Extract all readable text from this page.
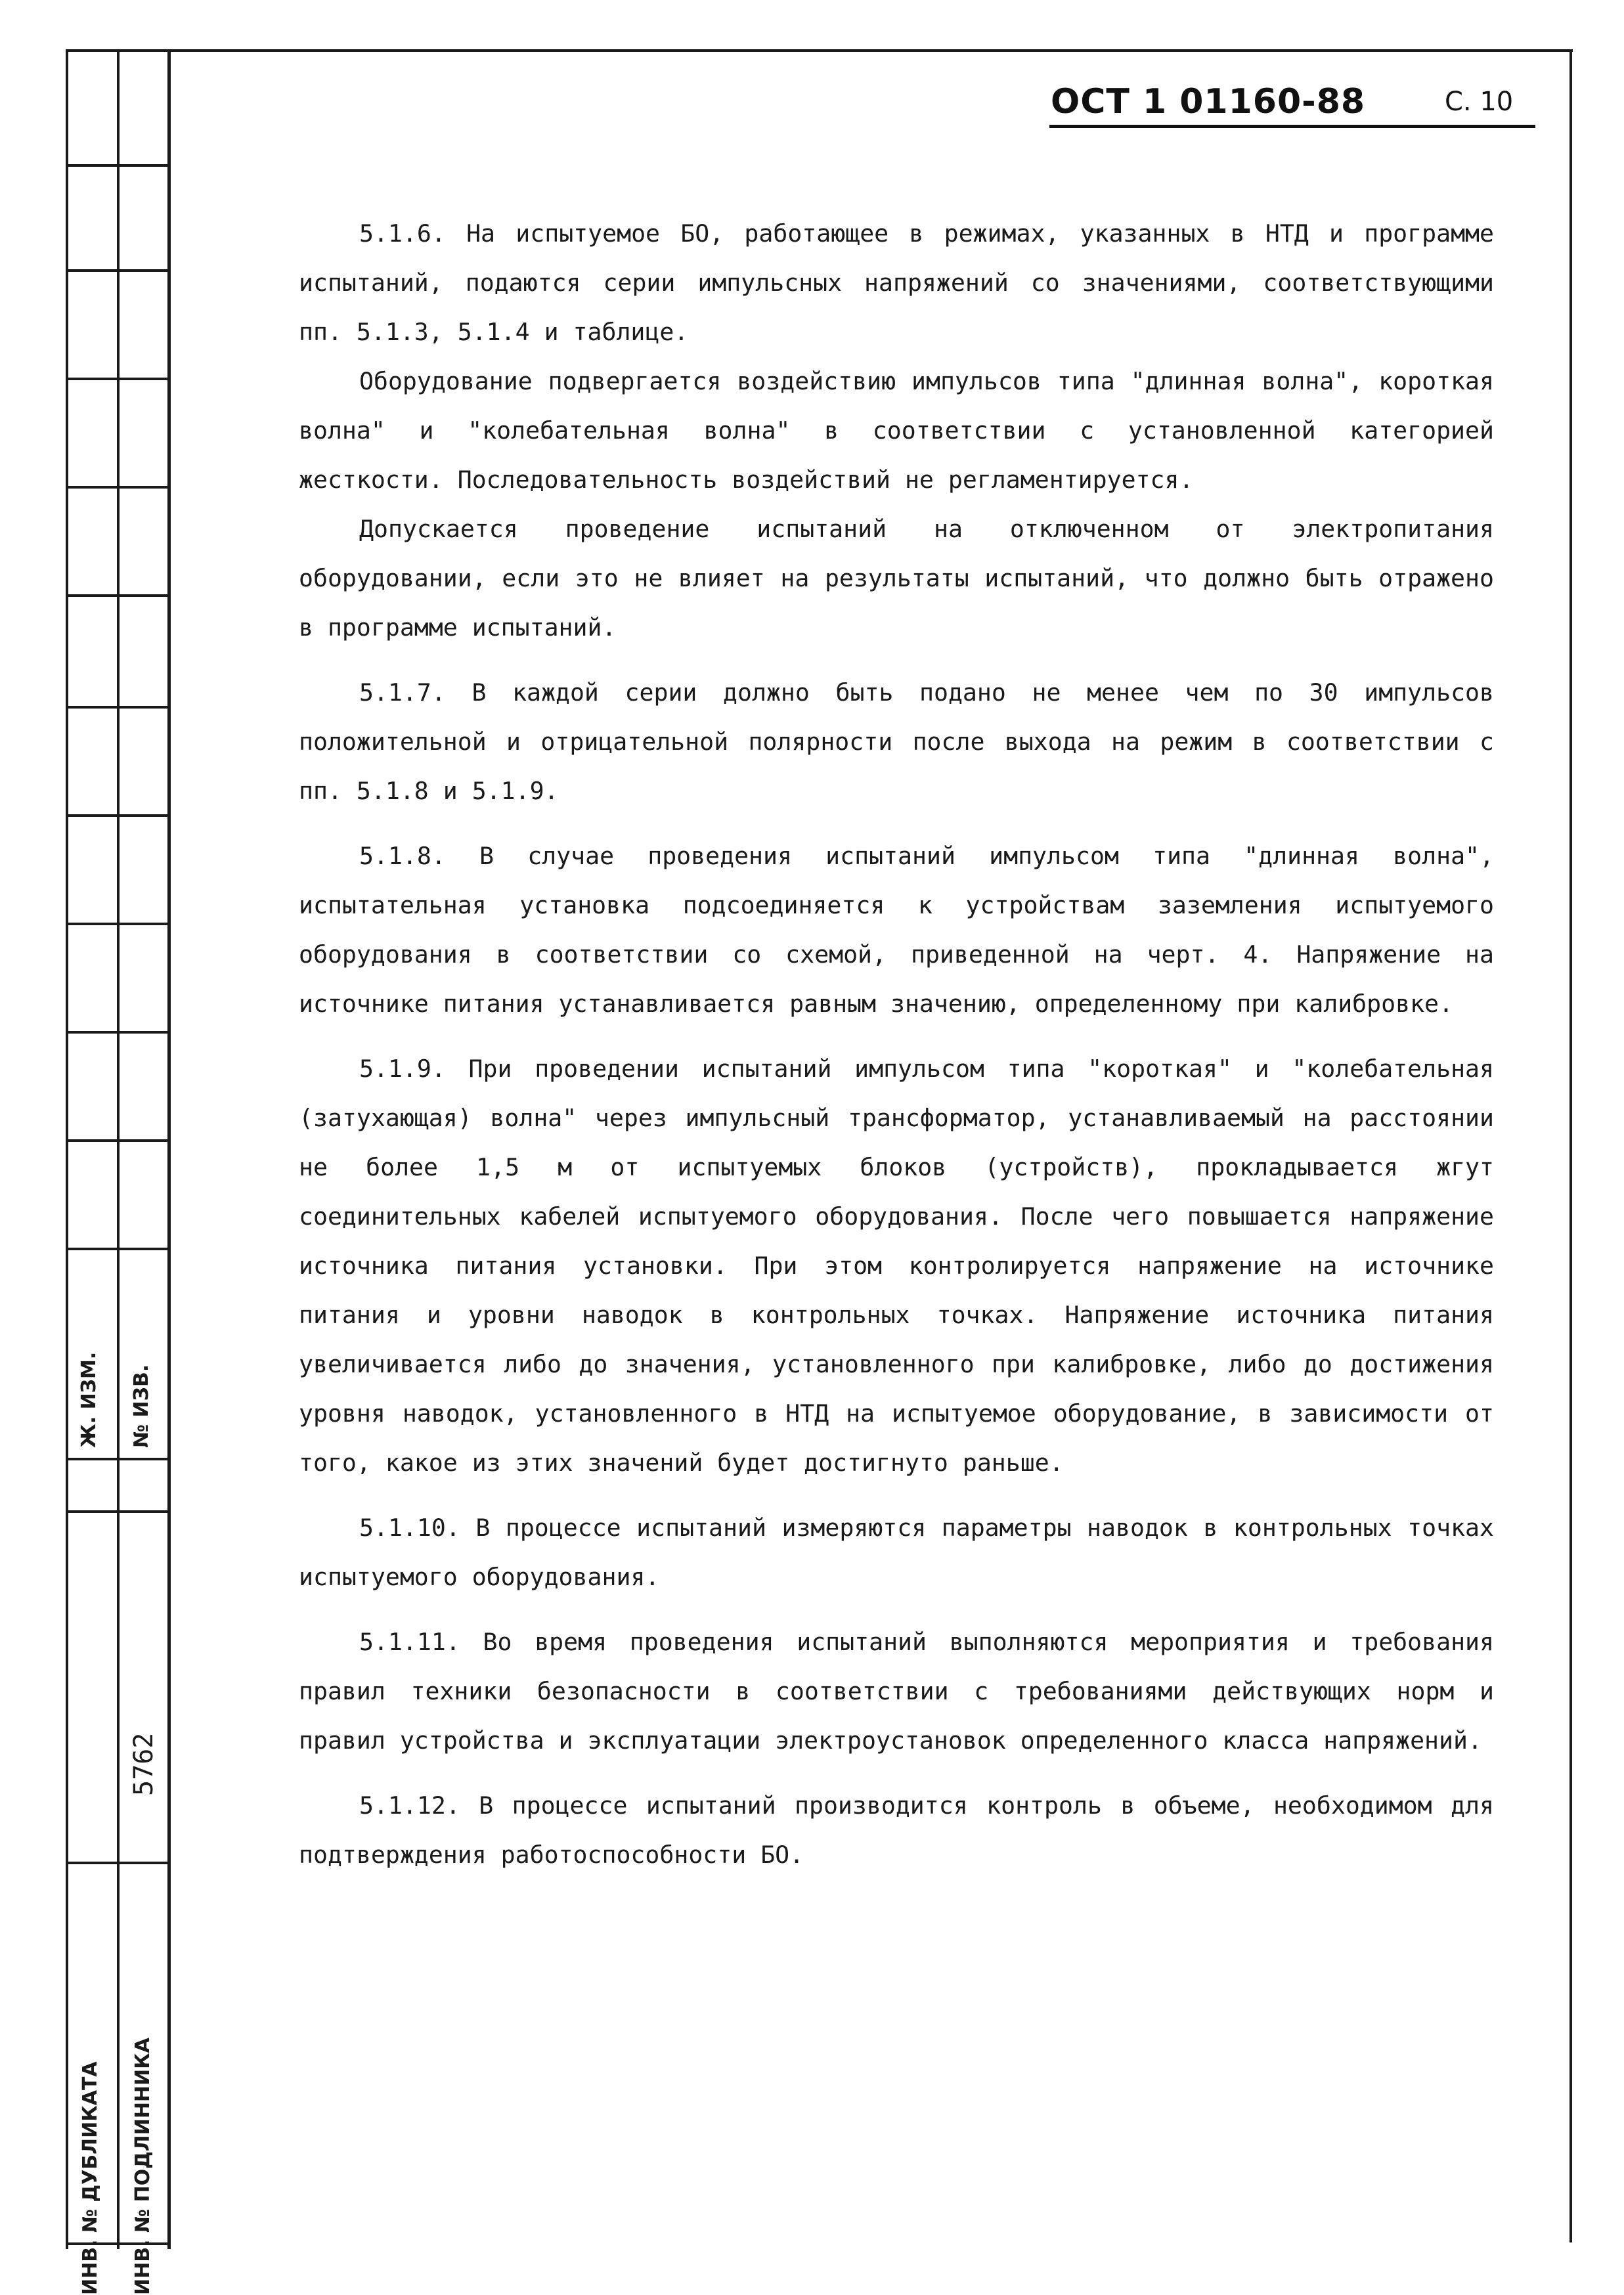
Ж. ИЗМ. № ИЗВ.
5762
ИНВ. № ДУБЛИКАТА ИНВ. № ПОДЛИННИКА
ОСТ 1 01160-88	С. 10

5.1.6. На испытуемое БО, работающее в режимах, указанных в НТД и программе испытаний, подаются серии импульсных напряжений со значениями, соответствующими пп. 5.1.3, 5.1.4 и таблице.

Оборудование подвергается воздействию импульсов типа "длинная волна", короткая волна" и "колебательная волна" в соответствии с установленной категорией жесткости. Последовательность воздействий не регламентируется.

Допускается проведение испытаний на отключенном от электропитания оборудовании, если это не влияет на результаты испытаний, что должно быть отражено в программе испытаний.

5.1.7. В каждой серии должно быть подано не менее чем по 30 импульсов положительной и отрицательной полярности после выхода на режим в соответствии с пп. 5.1.8 и 5.1.9.

5.1.8. В случае проведения испытаний импульсом типа "длинная волна", испытательная установка подсоединяется к устройствам заземления испытуемого оборудования в соответствии со схемой, приведенной на черт. 4. Напряжение на источнике питания устанавливается равным значению, определенному при калибровке.

5.1.9. При проведении испытаний импульсом типа "короткая" и "колебательная (затухающая) волна" через импульсный трансформатор, устанавливаемый на расстоянии не более 1,5 м от испытуемых блоков (устройств), прокладывается жгут соединительных кабелей испытуемого оборудования. После чего повышается напряжение источника питания установки. При этом контролируется напряжение на источнике питания и уровни наводок в контрольных точках. Напряжение источника питания увеличивается либо до значения, установленного при калибровке, либо до достижения уровня наводок, установленного в НТД на испытуемое оборудование, в зависимости от того, какое из этих значений будет достигнуто раньше.

5.1.10. В процессе испытаний измеряются параметры наводок в контрольных точках испытуемого оборудования.

5.1.11. Во время проведения испытаний выполняются мероприятия и требования правил техники безопасности в соответствии с требованиями действующих норм и правил устройства и эксплуатации электроустановок определенного класса напряжений.

5.1.12. В процессе испытаний производится контроль в объеме, необходимом для подтверждения работоспособности БО.
